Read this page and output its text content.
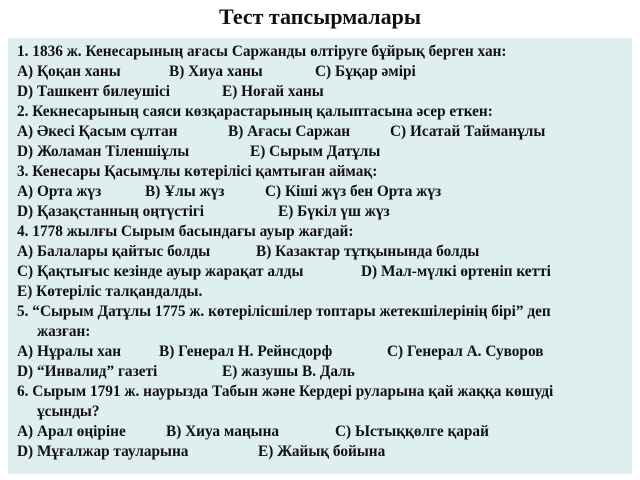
Тест тапсырмалары
1. 1836 ж. Кенесарының ағасы Саржанды өлтіруге бұйрық берген хан:
A) Қоқан ханы	B) Хиуа ханы	C) Бұқар әмірі
D) Ташкент билеушісі	E) Ноғай ханы
2. Кекнесарының саяси көзқарастарының қалыптасына әсер еткен:
A) Әкесі Қасым сұлтан	B) Ағасы Саржан	C) Исатай Тайманұлы
D) Жоламан Тіленшіұлы	E) Сырым Датұлы
3. Кенесары Қасымұлы көтерілісі қамтыған аймақ:
A) Орта жүз	B) Ұлы жүз	C) Кіші жүз бен Орта жүз
D) Қазақстанның оңтүстігі	E) Бүкіл үш жүз
4. 1778 жылғы Сырым басындағы ауыр жағдай:
A) Балалары қайтыс болды	B) Казактар тұтқынында болды
C) Қақтығыс кезінде ауыр жарақат алды	D) Мал-мүлкі өртеніп кетті
E) Көтеріліс талқандалды.
5. “Сырым Датұлы 1775 ж. көтерілісшілер топтары жетекшілерінің бірі” деп
жазған:
A) Нұралы хан B) Генерал Н. Рейнсдорф	C) Генерал А. Суворов
D) “Инвалид” газеті	E) жазушы В. Даль
6. Сырым 1791 ж. наурызда Табын және Кердері руларына қай жаққа көшуді
ұсынды?
A) Арал өңіріне	B) Хиуа маңына	C) Ыстыққөлге қарай
D) Мұғалжар тауларына	E) Жайық бойына
